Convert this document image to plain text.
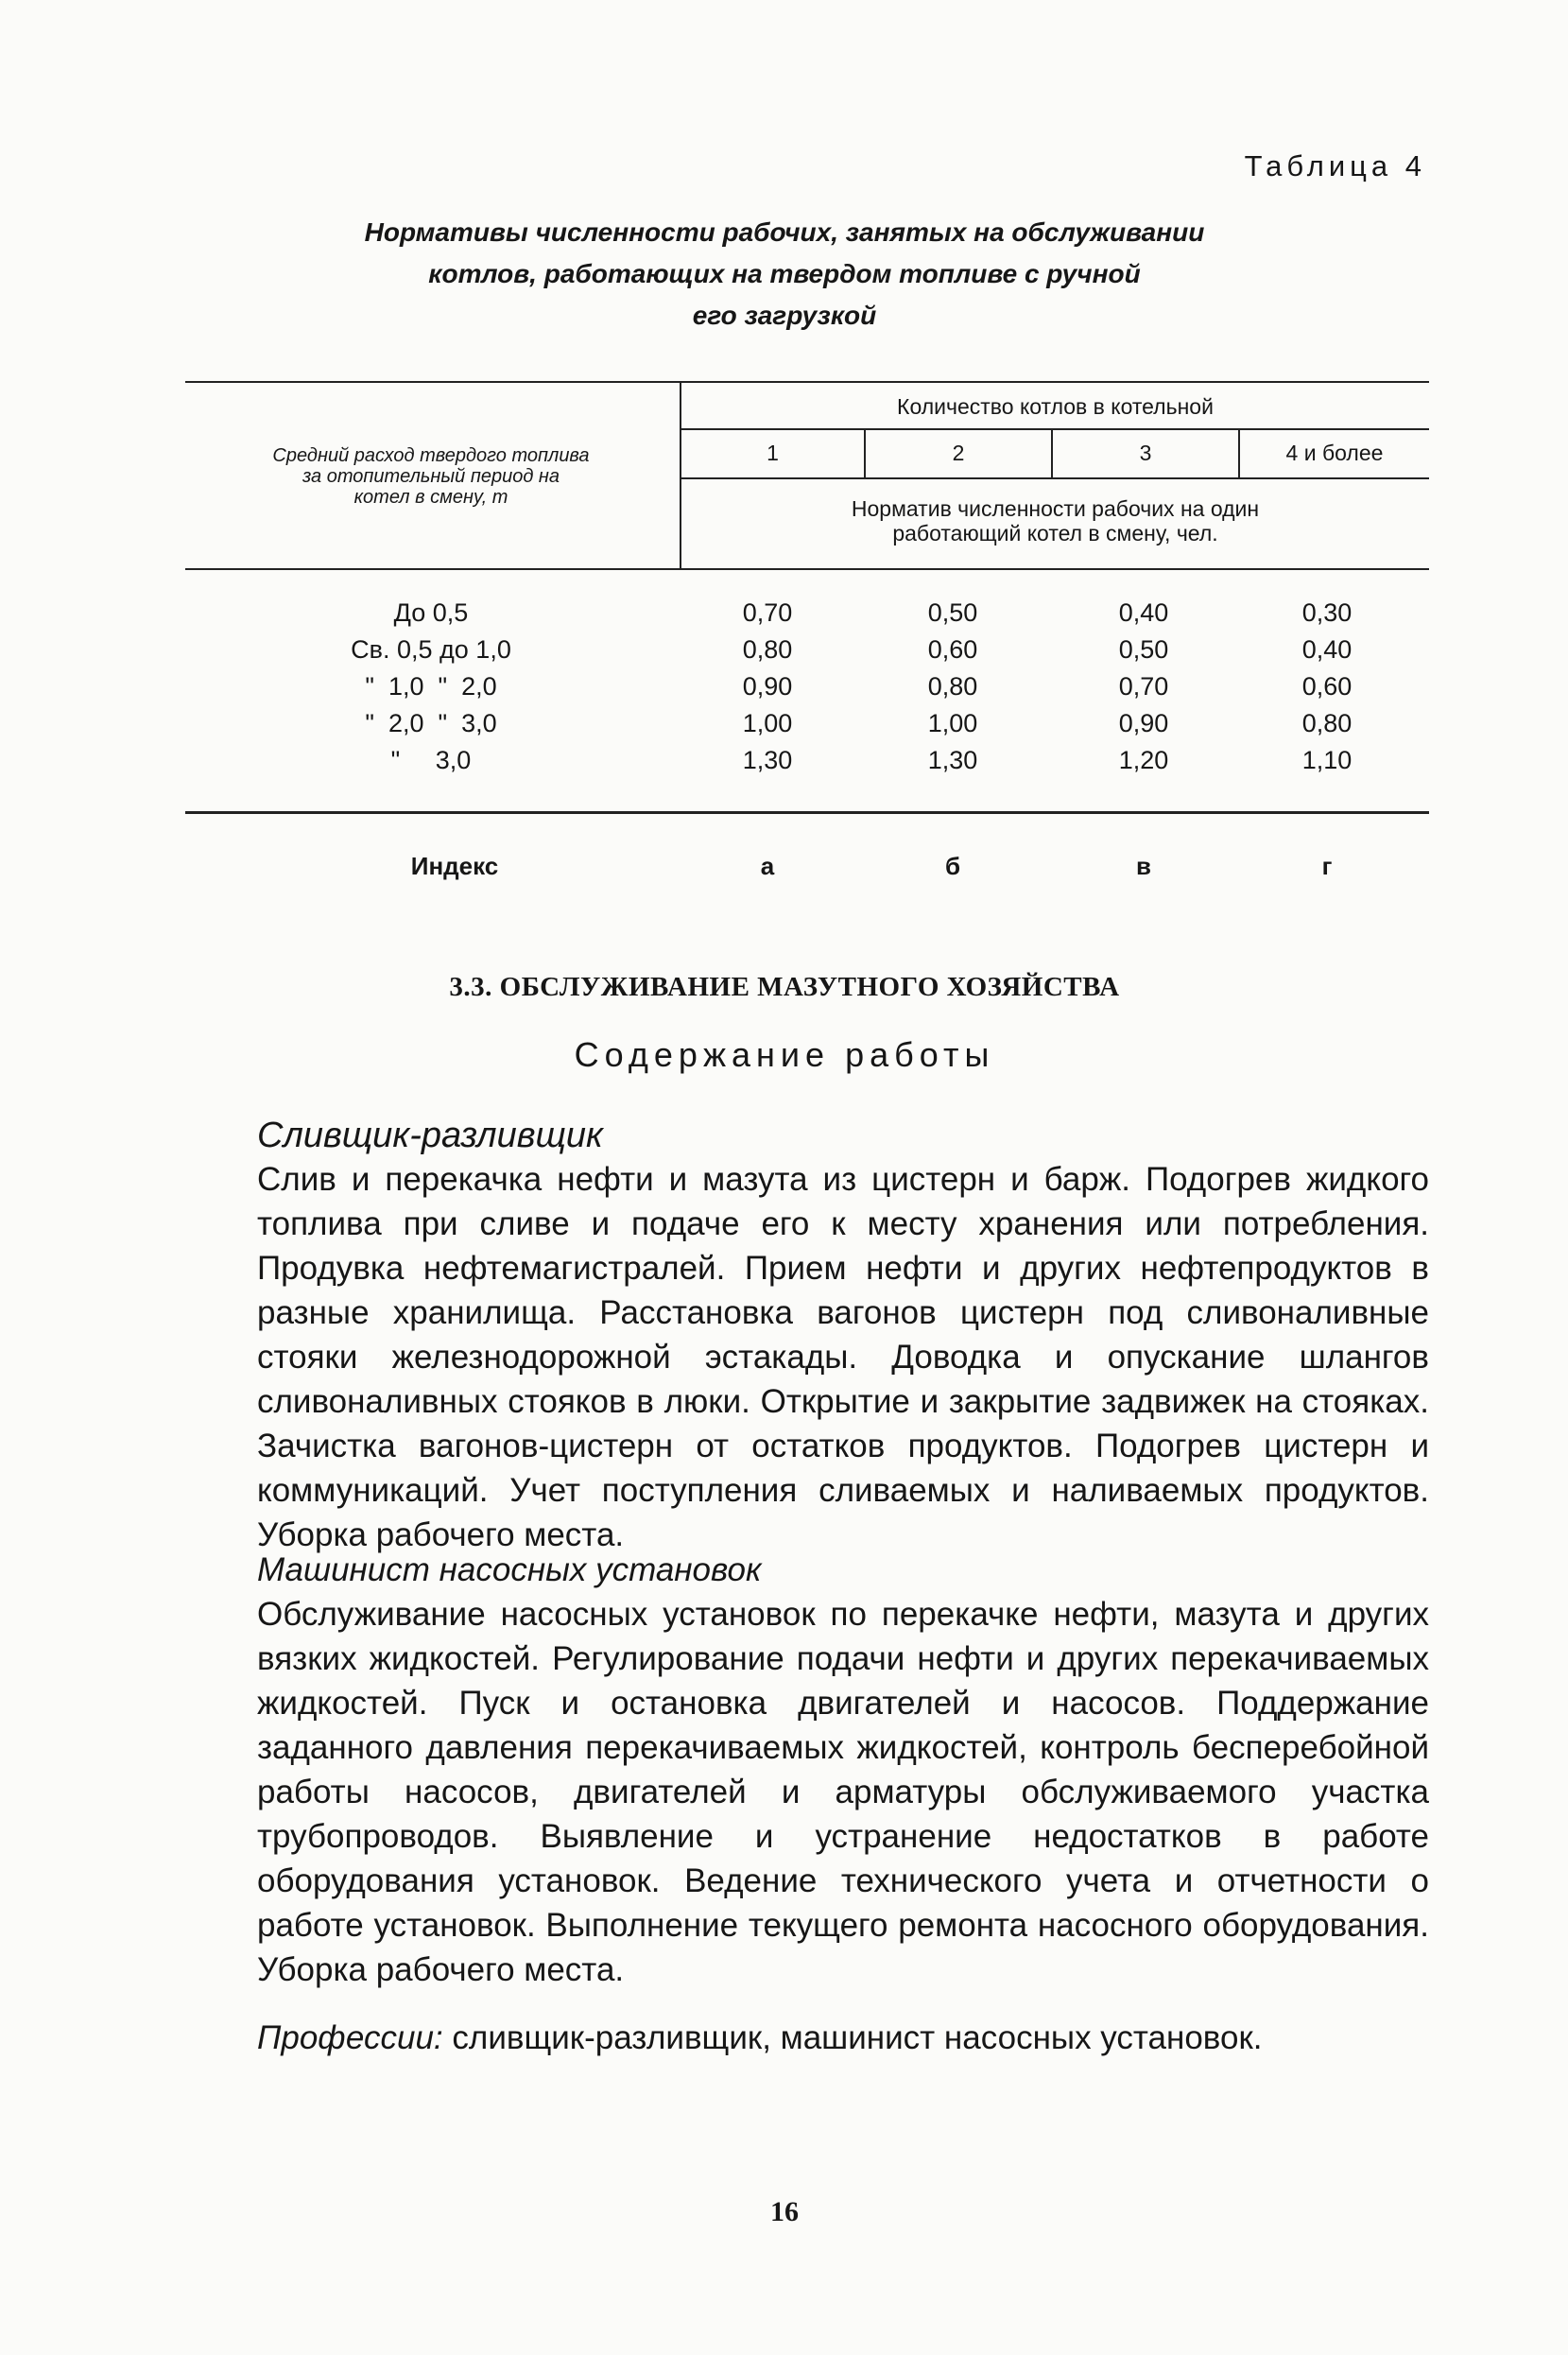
Таблица 4
Нормативы численности рабочих, занятых на обслуживании
котлов, работающих на твердом топливе с ручной
его загрузкой
Средний расход твердого топлива
за отопительный период на
котел в смену, т
Количество котлов в котельной
1	2	3	4 и более
Норматив численности рабочих на один
работающий котел в смену, чел.
До 0,5	0,70	0,50	0,40	0,30
Св. 0,5 до 1,0	0,80	0,60	0,50	0,40
"  1,0  "  2,0	0,90	0,80	0,70	0,60
"  2,0  "  3,0	1,00	1,00	0,90	0,80
"     3,0	1,30	1,30	1,20	1,10
Индекс	а	б	в	г
3.3. ОБСЛУЖИВАНИЕ МАЗУТНОГО ХОЗЯЙСТВА
Содержание работы
Сливщик-разливщик
Слив и перекачка нефти и мазута из цистерн и барж. Подогрев жидкого топлива при сливе и подаче его к месту хранения или потребления. Продувка нефтемагистралей. Прием нефти и других нефтепродуктов в разные хранилища. Расстановка вагонов цистерн под сливоналивные стояки железнодорожной эстакады. Доводка и опускание шлангов сливоналивных стояков в люки. Открытие и закрытие задвижек на стояках. Зачистка вагонов-цистерн от остатков продуктов. Подогрев цистерн и коммуникаций. Учет поступления сливаемых и наливаемых продуктов. Уборка рабочего места.
Машинист насосных установок
Обслуживание насосных установок по перекачке нефти, мазута и других вязких жидкостей. Регулирование подачи нефти и других перекачиваемых жидкостей. Пуск и остановка двигателей и насосов. Поддержание заданного давления перекачиваемых жидкостей, контроль бесперебойной работы насосов, двигателей и арматуры обслуживаемого участка трубопроводов. Выявление и устранение недостатков в работе оборудования установок. Ведение технического учета и отчетности о работе установок. Выполнение текущего ремонта насосного оборудования. Уборка рабочего места.
Профессии: сливщик-разливщик, машинист насосных установок.
16
